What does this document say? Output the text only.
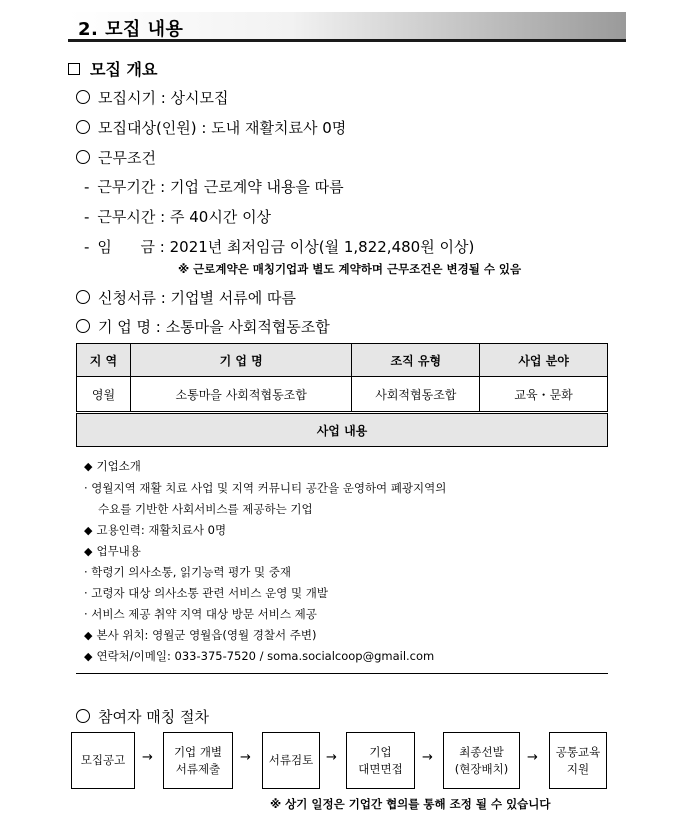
2. 모집 내용
모집 개요
모집시기 : 상시모집
모집대상(인원) : 도내 재활치료사 0명
근무조건
- 근무기간 : 기업 근로계약 내용을 따름
- 근무시간 : 주 40시간 이상
- 임      금 : 2021년 최저임금 이상(월 1,822,480원 이상)
※ 근로계약은 매칭기업과 별도 계약하며 근무조건은 변경될 수 있음
신청서류 : 기업별 서류에 따름
기 업 명 : 소통마을 사회적협동조합
지 역	기 업 명	조직 유형	사업 분야
영월	소통마을 사회적협동조합	사회적협동조합	교육・문화
사업 내용			
◆ 기업소개
· 영월지역 재활 치료 사업 및 지역 커뮤니티 공간을 운영하여 폐광지역의
수요를 기반한 사회서비스를 제공하는 기업
◆ 고용인력: 재활치료사 0명
◆ 업무내용
· 학령기 의사소통, 읽기능력 평가 및 중재
· 고령자 대상 의사소통 관련 서비스 운영 및 개발
· 서비스 제공 취약 지역 대상 방문 서비스 제공
◆ 본사 위치: 영월군 영월읍(영월 경찰서 주변)
◆ 연락처/이메일: 033-375-7520 / soma.socialcoop@gmail.com
참여자 매칭 절차
모집공고 → 기업 개별
서류제출
→ 서류검토 →	기업
대면면접
→	최종선발
(현장배치)
→ 공통교육
지원
※ 상기 일정은 기업간 협의를 통해 조정 될 수 있습니다
